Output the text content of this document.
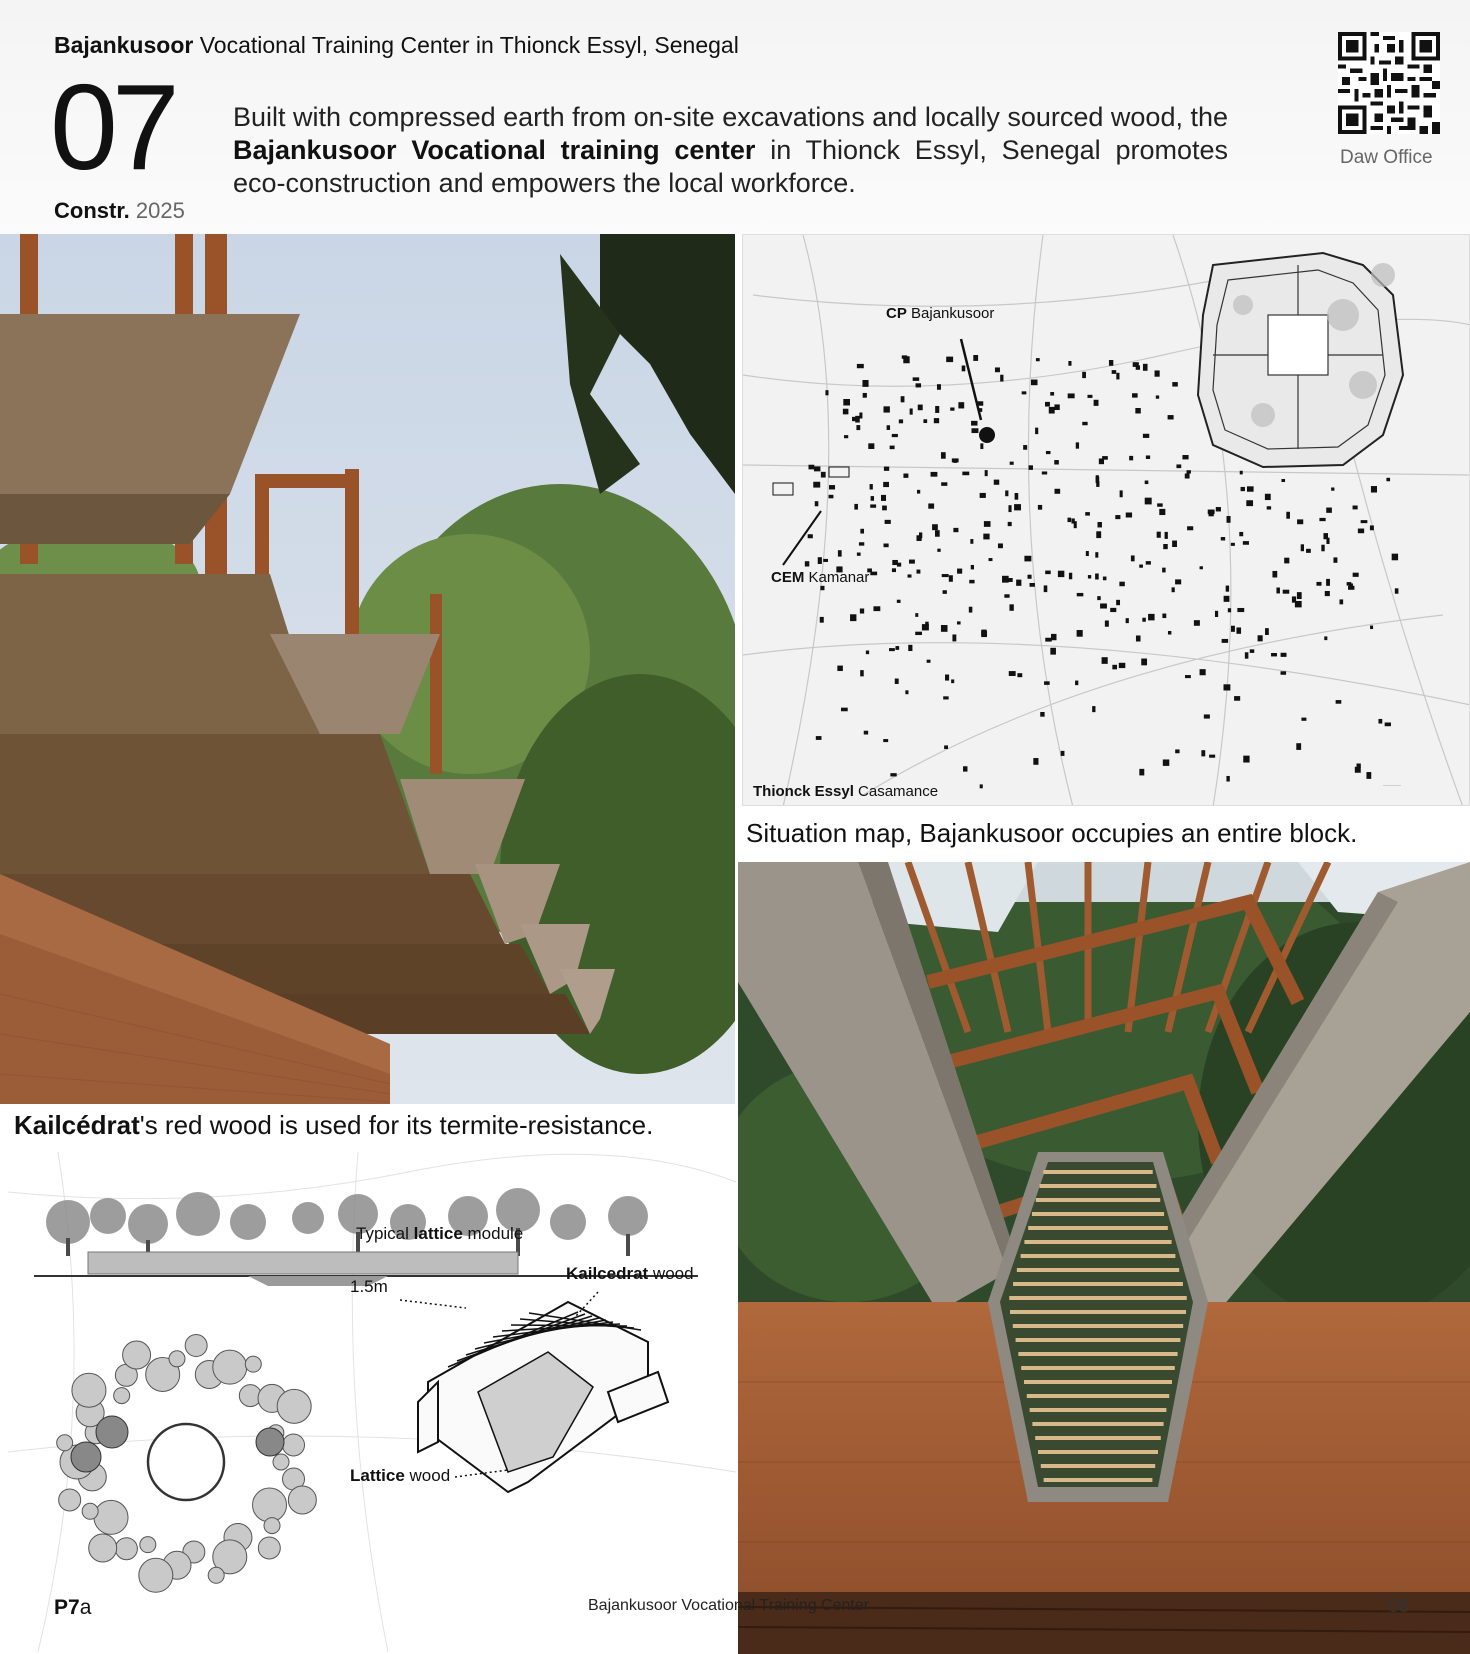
Bajankusoor Vocational Training Center in Thionck Essyl, Senegal
07
Constr. 2025
Built with compressed earth from on-site excavations and locally sourced wood, the Bajankusoor Vocational training center in Thionck Essyl, Senegal promotes eco-construction and empowers the local workforce.
Daw Office
·········
CP Bajankusoor
CEM Kamanar
Thionck Essyl Casamance
Situation map, Bajankusoor occupies an entire block.
Kailcédrat's red wood is used for its termite-resistance.
Typical lattice module
1.5m
Kailcedrat wood
Lattice wood
P7a	Bajankusoor Vocational Training Center	08
